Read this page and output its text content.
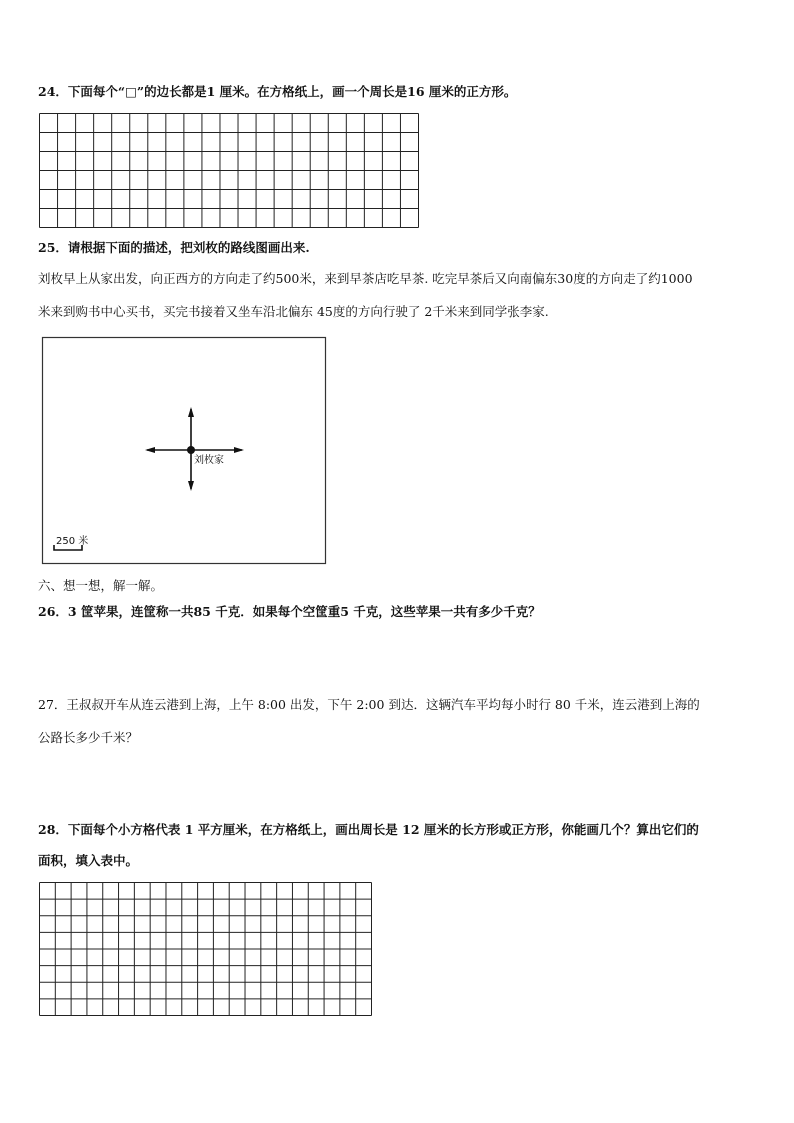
24．下面每个“□”的边长都是1 厘米。在方格纸上，画一个周长是16 厘米的正方形。
25．请根据下面的描述，把刘枚的路线图画出来.
刘枚早上从家出发，向正西方的方向走了约500米，来到早茶店吃早茶. 吃完早茶后又向南偏东30度的方向走了约1000
米来到购书中心买书，买完书接着又坐车沿北偏东 45度的方向行驶了 2千米来到同学张李家.
刘枚家
250 米
六、想一想，解一解。
26．3 筐苹果，连筐称一共85 千克．如果每个空筐重5 千克，这些苹果一共有多少千克？
27．王叔叔开车从连云港到上海，上午 8:00 出发，下午 2:00 到达．这辆汽车平均每小时行 80 千米，连云港到上海的
公路长多少千米？
28．下面每个小方格代表 1 平方厘米，在方格纸上，画出周长是 12 厘米的长方形或正方形，你能画几个？算出它们的
面积，填入表中。
